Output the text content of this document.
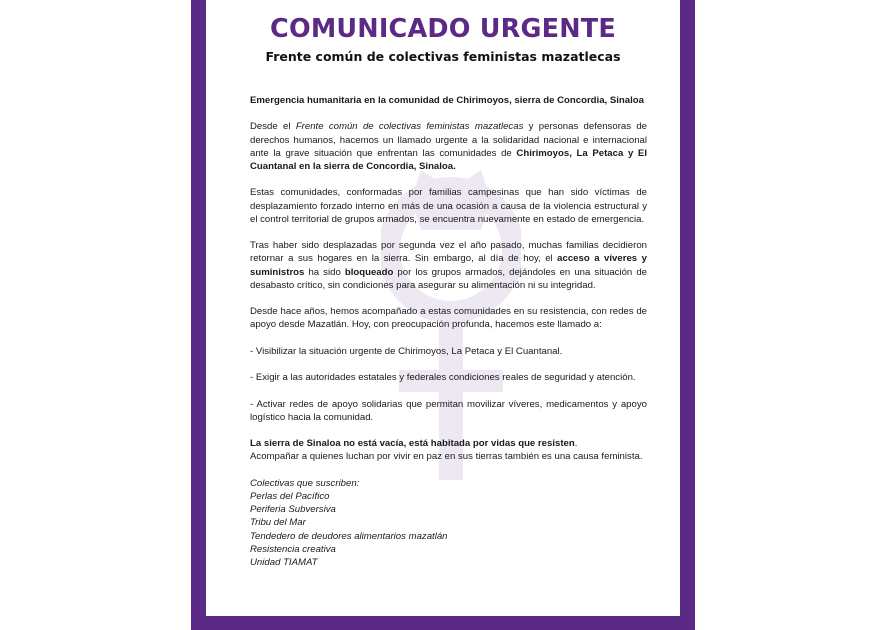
COMUNICADO URGENTE
Frente común de colectivas feministas mazatlecas

Emergencia humanitaria en la comunidad de Chirimoyos, sierra de Concordia, Sinaloa

Desde el Frente común de colectivas feministas mazatlecas y personas defensoras de derechos humanos, hacemos un llamado urgente a la solidaridad nacional e internacional ante la grave situación que enfrentan las comunidades de Chirimoyos, La Petaca y El Cuantanal en la sierra de Concordia, Sinaloa.

Estas comunidades, conformadas por familias campesinas que han sido víctimas de desplazamiento forzado interno en más de una ocasión a causa de la violencia estructural y el control territorial de grupos armados, se encuentra nuevamente en estado de emergencia.

Tras haber sido desplazadas por segunda vez el año pasado, muchas familias decidieron retornar a sus hogares en la sierra. Sin embargo, al día de hoy, el acceso a víveres y suministros ha sido bloqueado por los grupos armados, dejándoles en una situación de desabasto crítico, sin condiciones para asegurar su alimentación ni su integridad.

Desde hace años, hemos acompañado a estas comunidades en su resistencia, con redes de apoyo desde Mazatlán. Hoy, con preocupación profunda, hacemos este llamado a:

- Visibilizar la situación urgente de Chirimoyos, La Petaca y El Cuantanal.

- Exigir a las autoridades estatales y federales condiciones reales de seguridad y atención.

- Activar redes de apoyo solidarias que permitan movilizar víveres, medicamentos y apoyo logístico hacia la comunidad.

La sierra de Sinaloa no está vacía, está habitada por vidas que resisten.
Acompañar a quienes luchan por vivir en paz en sus tierras también es una causa feminista.

Colectivas que suscriben:
Perlas del Pacífico
Periferia Subversiva
Tribu del Mar
Tendedero de deudores alimentarios mazatlán
Resistencia creativa
Unidad TIAMAT
